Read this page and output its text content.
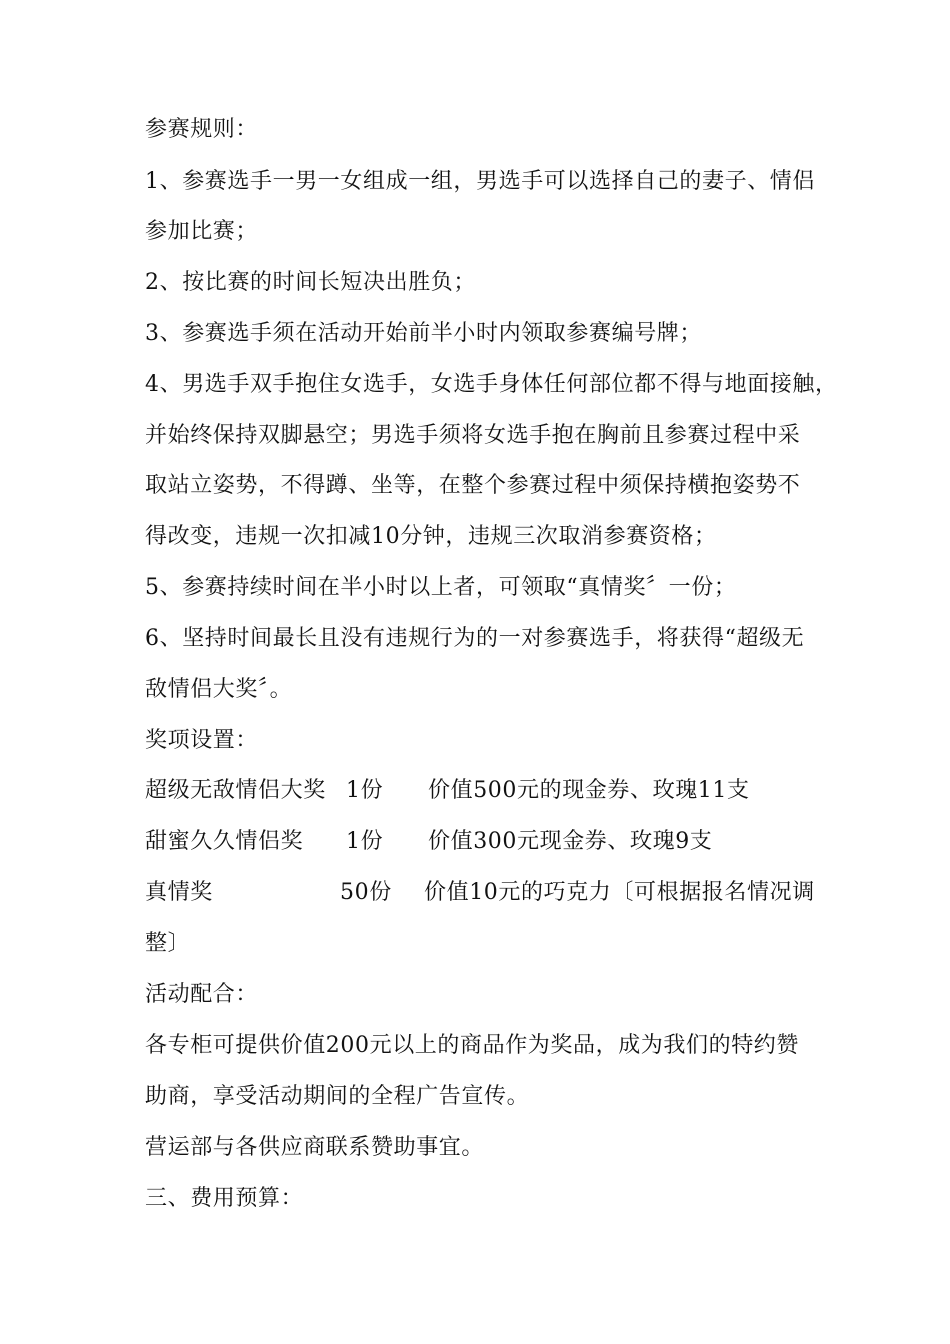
参赛规则：
1、参赛选手一男一女组成一组，男选手可以选择自己的妻子、情侣
参加比赛；
2、按比赛的时间长短决出胜负；
3、参赛选手须在活动开始前半小时内领取参赛编号牌；
4、男选手双手抱住女选手，女选手身体任何部位都不得与地面接触，
并始终保持双脚悬空；男选手须将女选手抱在胸前且参赛过程中采
取站立姿势，不得蹲、坐等，在整个参赛过程中须保持横抱姿势不
得改变，违规一次扣减10分钟，违规三次取消参赛资格；
5、参赛持续时间在半小时以上者，可领取“真情奖〞一份；
6、坚持时间最长且没有违规行为的一对参赛选手，将获得“超级无
敌情侣大奖〞。
奖项设置：
超级无敌情侣大奖 1份 价值500元的现金券、玫瑰11支
甜蜜久久情侣奖 1份 价值300元现金券、玫瑰9支
真情奖	50份 价值10元的巧克力〔可根据报名情况调
整〕
活动配合：
各专柜可提供价值200元以上的商品作为奖品，成为我们的特约赞
助商，享受活动期间的全程广告宣传。
营运部与各供应商联系赞助事宜。
三、费用预算：
